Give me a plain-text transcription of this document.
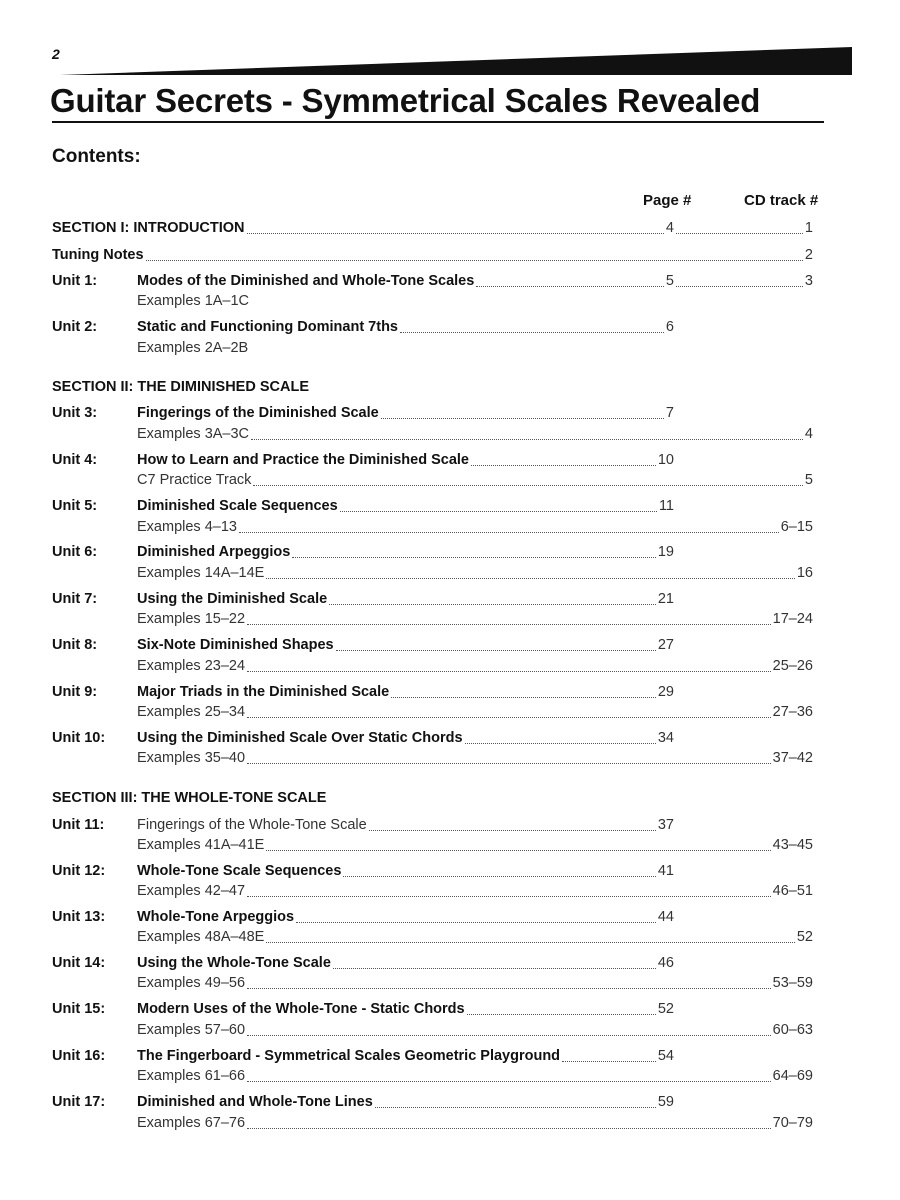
2
Guitar Secrets - Symmetrical Scales Revealed
Contents:
Page #	CD track #
SECTION I: INTRODUCTION	4	1
Tuning Notes	2
Unit 1:	Modes of the Diminished and Whole-Tone Scales	5	3
Examples 1A–1C
Unit 2:	Static and Functioning Dominant 7ths	6
Examples 2A–2B
SECTION II: THE DIMINISHED SCALE
Unit 3:	Fingerings of the Diminished Scale	7
Examples 3A–3C	4
Unit 4:	How to Learn and Practice the Diminished Scale	10
C7 Practice Track	5
Unit 5:	Diminished Scale Sequences	11
Examples 4–13	6–15
Unit 6:	Diminished Arpeggios	19
Examples 14A–14E	16
Unit 7:	Using the Diminished Scale	21
Examples 15–22	17–24
Unit 8:	Six-Note Diminished Shapes	27
Examples 23–24	25–26
Unit 9:	Major Triads in the Diminished Scale	29
Examples 25–34	27–36
Unit 10: Using the Diminished Scale Over Static Chords	34
Examples 35–40	37–42
SECTION III: THE WHOLE-TONE SCALE
Unit 11: Fingerings of the Whole-Tone Scale	37
Examples 41A–41E	43–45
Unit 12: Whole-Tone Scale Sequences	41
Examples 42–47	46–51
Unit 13: Whole-Tone Arpeggios	44
Examples 48A–48E	52
Unit 14: Using the Whole-Tone Scale	46
Examples 49–56	53–59
Unit 15: Modern Uses of the Whole-Tone - Static Chords	52
Examples 57–60	60–63
Unit 16: The Fingerboard - Symmetrical Scales Geometric Playground	54
Examples 61–66	64–69
Unit 17: Diminished and Whole-Tone Lines	59
Examples 67–76	70–79
